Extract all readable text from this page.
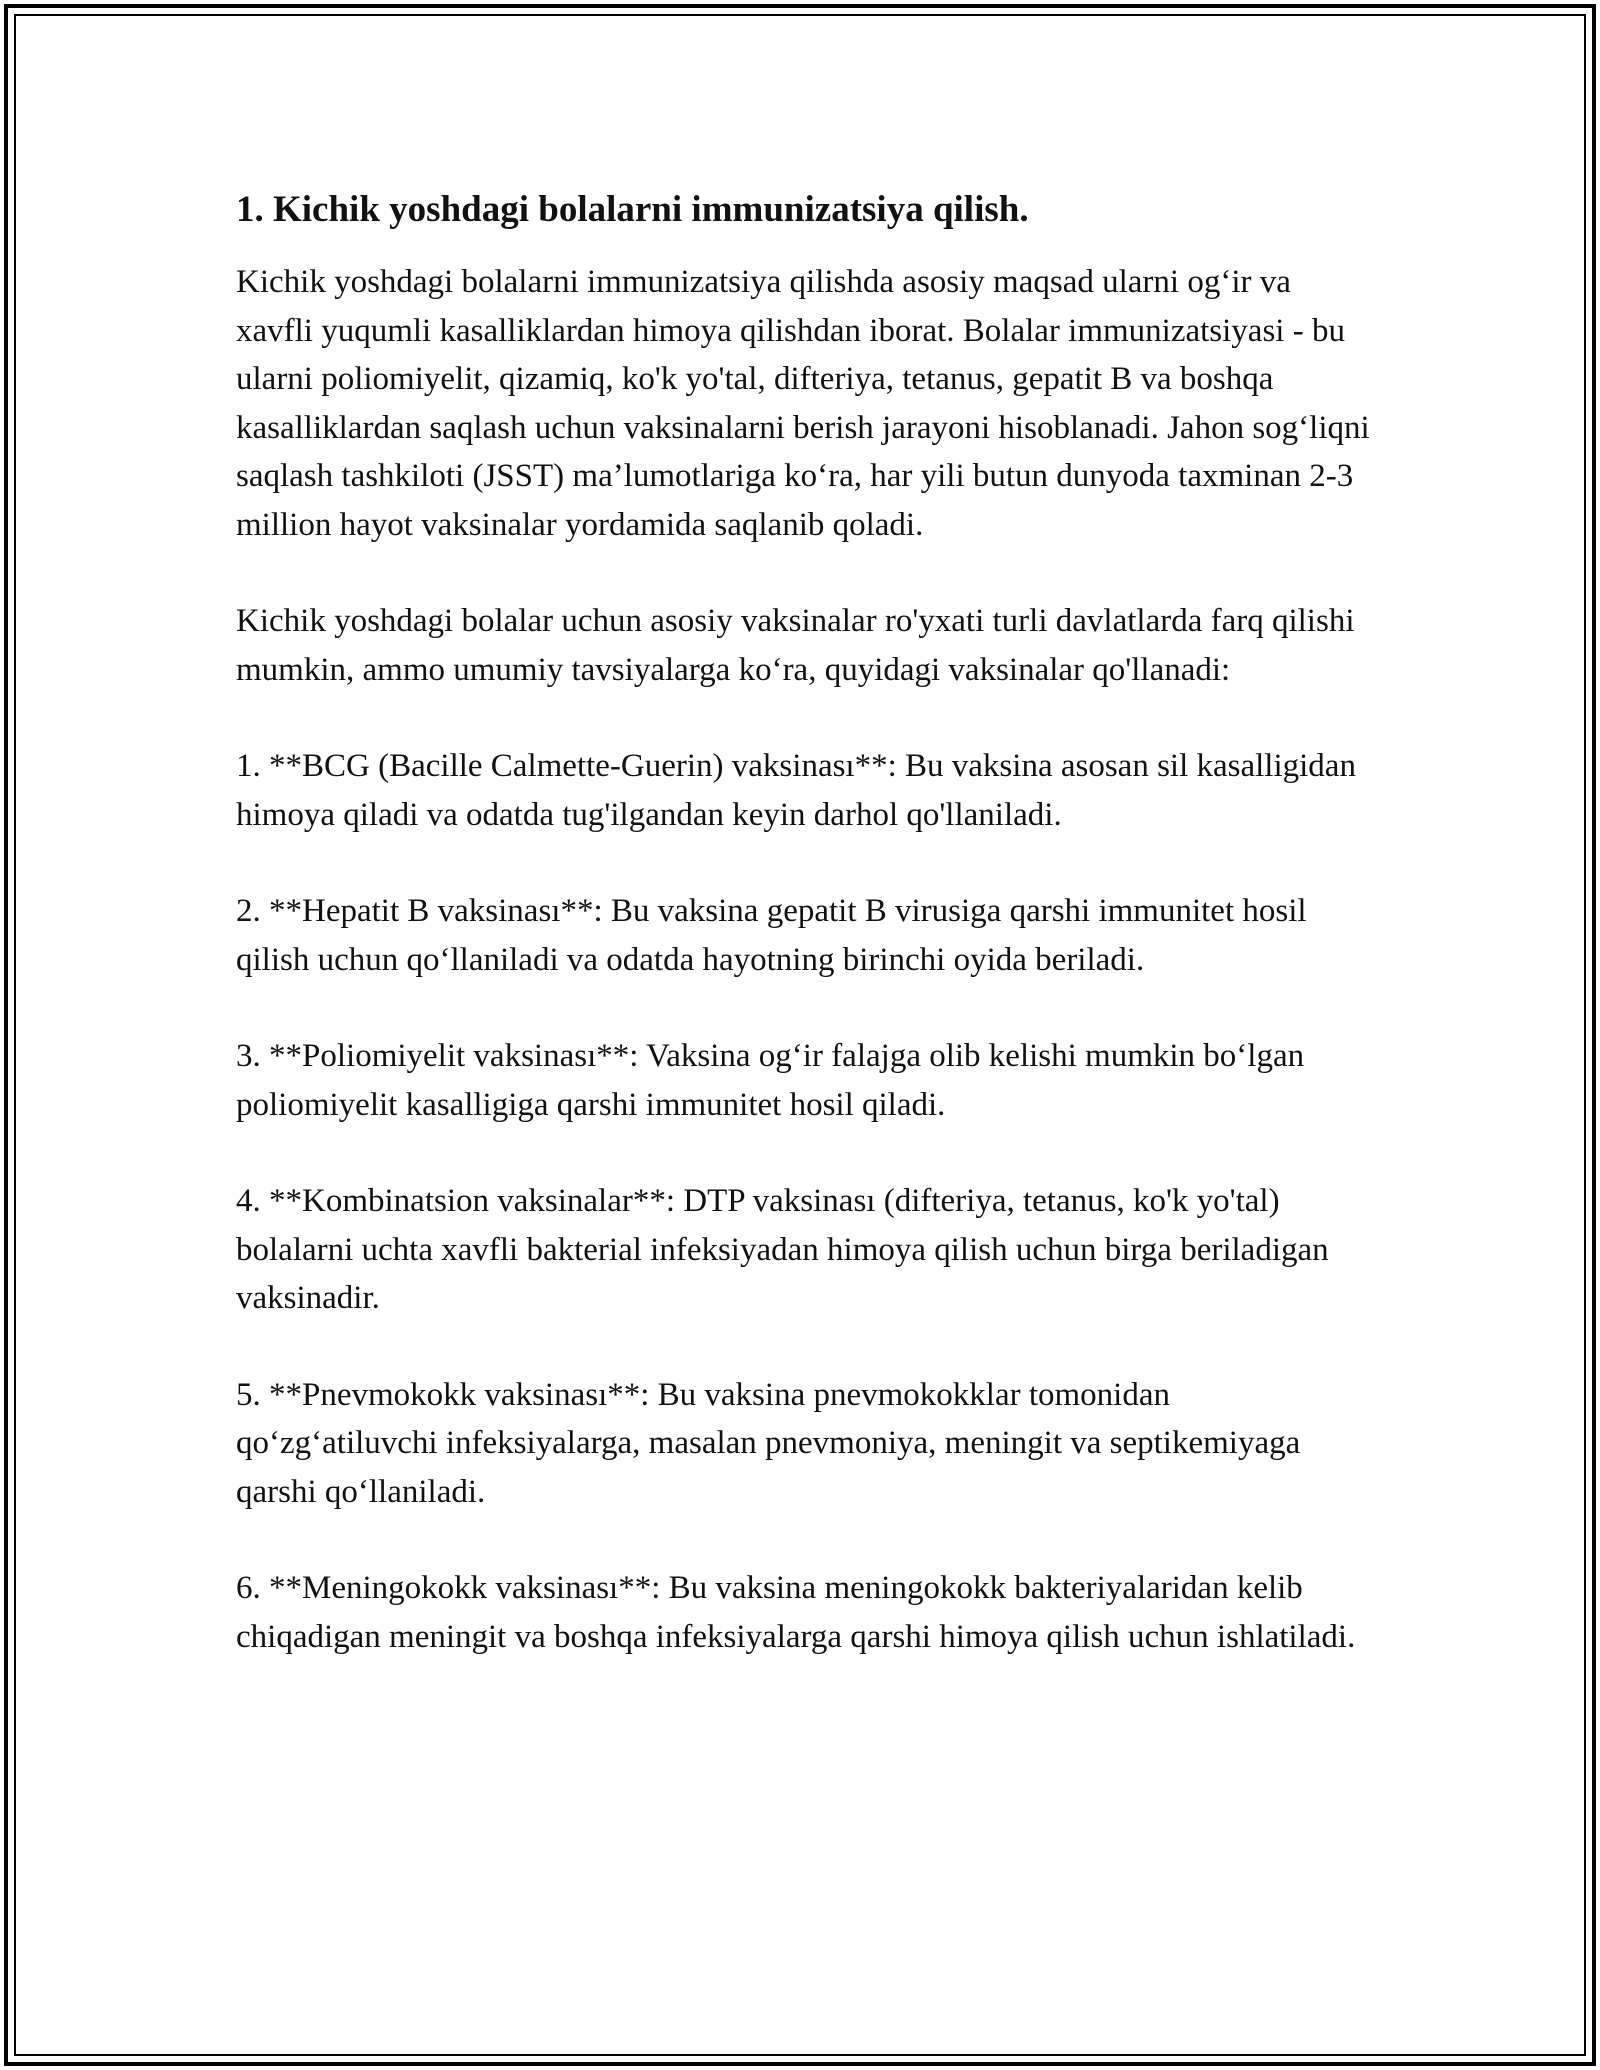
1. Kichik yoshdagi bolalarni immunizatsiya qilish.

Kichik yoshdagi bolalarni immunizatsiya qilishda asosiy maqsad ularni og‘ir va xavfli yuqumli kasalliklardan himoya qilishdan iborat. Bolalar immunizatsiyasi - bu ularni poliomiyelit, qizamiq, ko'k yo'tal, difteriya, tetanus, gepatit B va boshqa kasalliklardan saqlash uchun vaksinalarni berish jarayoni hisoblanadi. Jahon sog‘liqni saqlash tashkiloti (JSST) ma’lumotlariga ko‘ra, har yili butun dunyoda taxminan 2-3 million hayot vaksinalar yordamida saqlanib qoladi.

Kichik yoshdagi bolalar uchun asosiy vaksinalar ro'yxati turli davlatlarda farq qilishi mumkin, ammo umumiy tavsiyalarga ko‘ra, quyidagi vaksinalar qo'llanadi:

1. **BCG (Bacille Calmette-Guerin) vaksinası**: Bu vaksina asosan sil kasalligidan himoya qiladi va odatda tug'ilgandan keyin darhol qo'llaniladi.

2. **Hepatit B vaksinası**: Bu vaksina gepatit B virusiga qarshi immunitet hosil qilish uchun qo‘llaniladi va odatda hayotning birinchi oyida beriladi.

3. **Poliomiyelit vaksinası**: Vaksina og‘ir falajga olib kelishi mumkin bo‘lgan poliomiyelit kasalligiga qarshi immunitet hosil qiladi.

4. **Kombinatsion vaksinalar**: DTP vaksinası (difteriya, tetanus, ko'k yo'tal) bolalarni uchta xavfli bakterial infeksiyadan himoya qilish uchun birga beriladigan vaksinadir.

5. **Pnevmokokk vaksinası**: Bu vaksina pnevmokokklar tomonidan qo‘zg‘atiluvchi infeksiyalarga, masalan pnevmoniya, meningit va septikemiyaga qarshi qo‘llaniladi.

6. **Meningokokk vaksinası**: Bu vaksina meningokokk bakteriyalaridan kelib chiqadigan meningit va boshqa infeksiyalarga qarshi himoya qilish uchun ishlatiladi.
